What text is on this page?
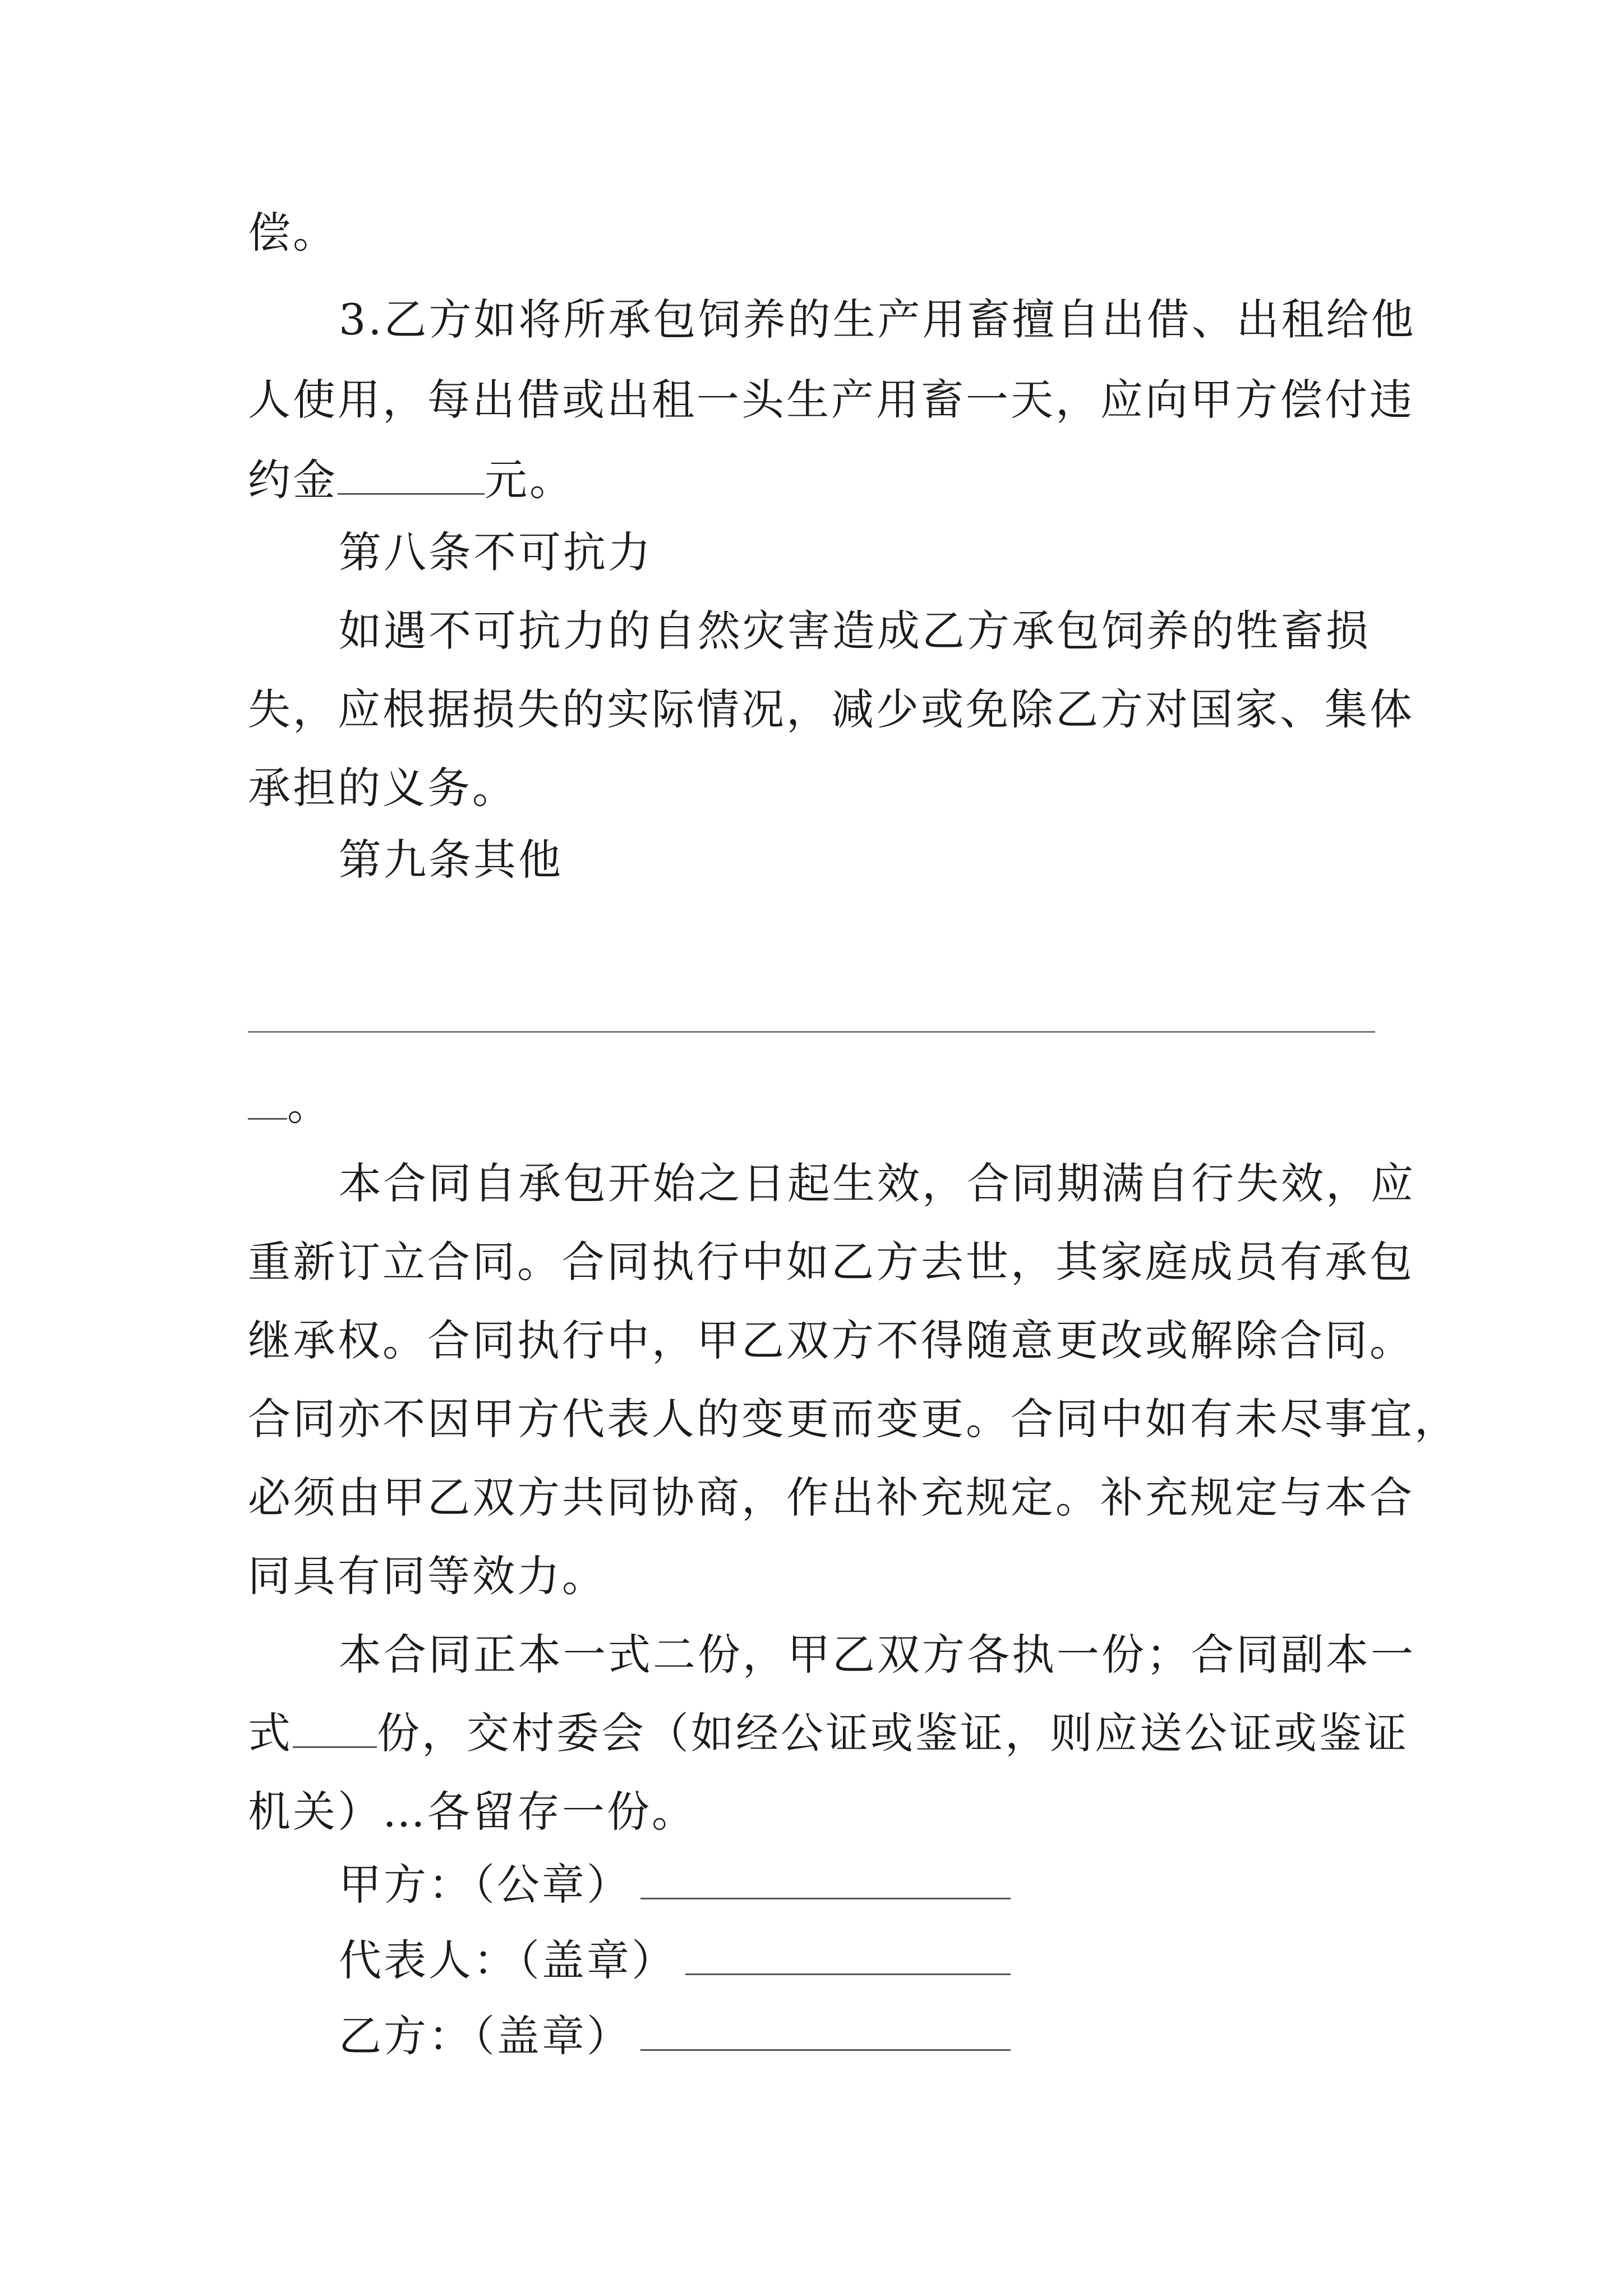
偿。
3.乙方如将所承包饲养的生产用畜擅自出借、出租给他
人使用，每出借或出租一头生产用畜一天，应向甲方偿付违
约金	元。
第八条不可抗力
如遇不可抗力的自然灾害造成乙方承包饲养的牲畜损
失，应根据损失的实际情况，减少或免除乙方对国家、集体
承担的义务。
第九条其他
。
本合同自承包开始之日起生效，合同期满自行失效，应
重新订立合同。合同执行中如乙方去世，其家庭成员有承包
继承权。合同执行中，甲乙双方不得随意更改或解除合同。
合同亦不因甲方代表人的变更而变更。合同中如有未尽事宜，
必须由甲乙双方共同协商，作出补充规定。补充规定与本合
同具有同等效力。
本合同正本一式二份，甲乙双方各执一份；合同副本一
式 份，交村委会（如经公证或鉴证，则应送公证或鉴证
机关）…各留存一份。
甲方：（公章）
代表人：（盖章）
乙方：（盖章）
